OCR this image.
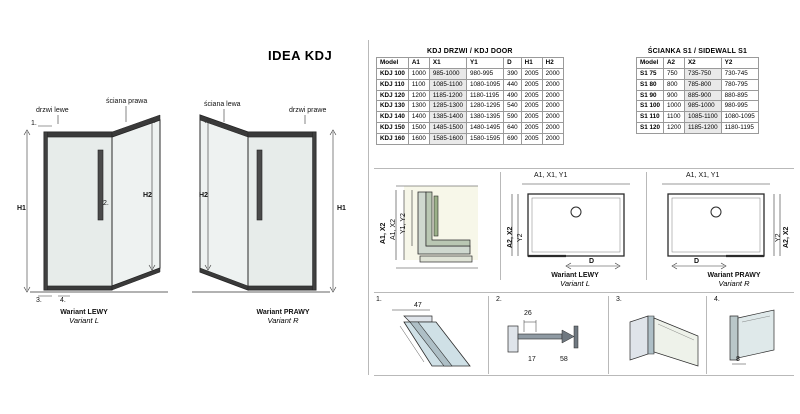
IDEA KDJ
drzwi lewe
ściana prawa	ściana lewa
drzwi prawe
H1
H2	H2
H1
1.
2.
3.	4.
Wariant LEWY
Variant L
Wariant PRAWY
Variant R
KDJ DRZWI / KDJ DOOR
Model	A1	X1	Y1	D	H1	H2
KDJ 100	1000	985-1000	980-995	390	2005	2000
KDJ 110	1100	1085-1100	1080-1095	440	2005	2000
KDJ 120	1200	1185-1200	1180-1195	490	2005	2000
KDJ 130	1300	1285-1300	1280-1295	540	2005	2000
KDJ 140	1400	1385-1400	1380-1395	590	2005	2000
KDJ 150	1500	1485-1500	1480-1495	640	2005	2000
KDJ 160	1600	1585-1600	1580-1595	690	2005	2000
ŚCIANKA S1 / SIDEWALL S1
Model	A2	X2	Y2
S1 75	750	735-750	730-745
S1 80	800	785-800	780-795
S1 90	900	885-900	880-895
S1 100	1000	985-1000	980-995
S1 110	1100	1085-1100	1080-1095
S1 120	1200	1185-1200	1180-1195
A1, X2 A1, X2 Y1, Y2
A1, X1, Y1
A2, X2 Y2
D
Wariant LEWY
Variant L
A1, X1, Y1
A2, X2
Y2
D
Wariant PRAWY
Variant R
1.
47
2.
26
17	58
3.	4.
8
